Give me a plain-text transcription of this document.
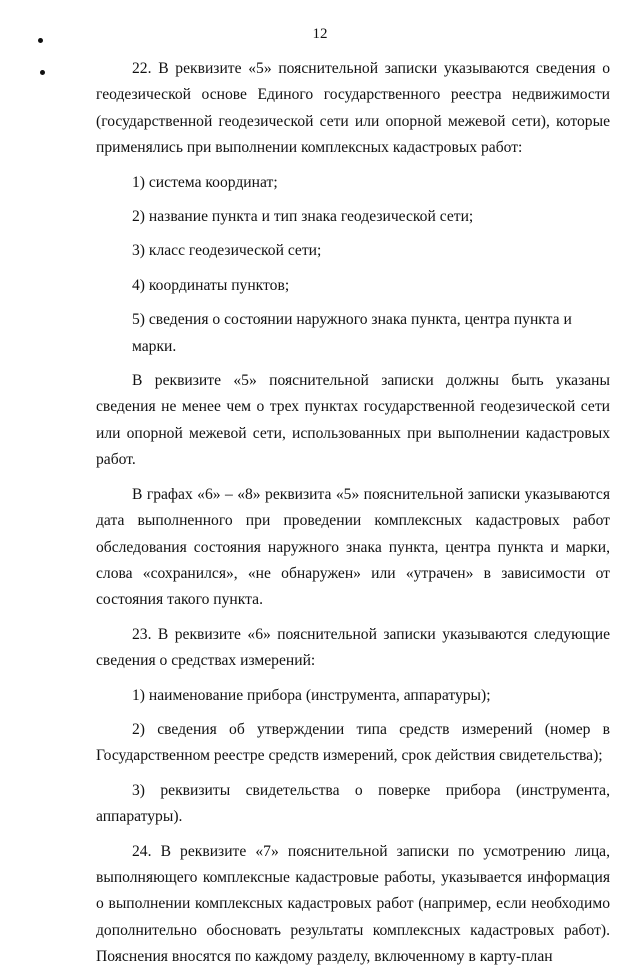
12

22. В реквизите «5» пояснительной записки указываются сведения о геодезической основе Единого государственного реестра недвижимости (государственной геодезической сети или опорной межевой сети), которые применялись при выполнении комплексных кадастровых работ:

1) система координат;

2) название пункта и тип знака геодезической сети;

3) класс геодезической сети;

4) координаты пунктов;

5) сведения о состоянии наружного знака пункта, центра пункта и марки.

В реквизите «5» пояснительной записки должны быть указаны сведения не менее чем о трех пунктах государственной геодезической сети или опорной межевой сети, использованных при выполнении кадастровых работ.

В графах «6» – «8» реквизита «5» пояснительной записки указываются дата выполненного при проведении комплексных кадастровых работ обследования состояния наружного знака пункта, центра пункта и марки, слова «сохранился», «не обнаружен» или «утрачен» в зависимости от состояния такого пункта.

23. В реквизите «6» пояснительной записки указываются следующие сведения о средствах измерений:

1) наименование прибора (инструмента, аппаратуры);

2) сведения об утверждении типа средств измерений (номер в Государственном реестре средств измерений, срок действия свидетельства);

3) реквизиты свидетельства о поверке прибора (инструмента, аппаратуры).

24. В реквизите «7» пояснительной записки по усмотрению лица, выполняющего комплексные кадастровые работы, указывается информация о выполнении комплексных кадастровых работ (например, если необходимо дополнительно обосновать результаты комплексных кадастровых работ). Пояснения вносятся по каждому разделу, включенному в карту-план
